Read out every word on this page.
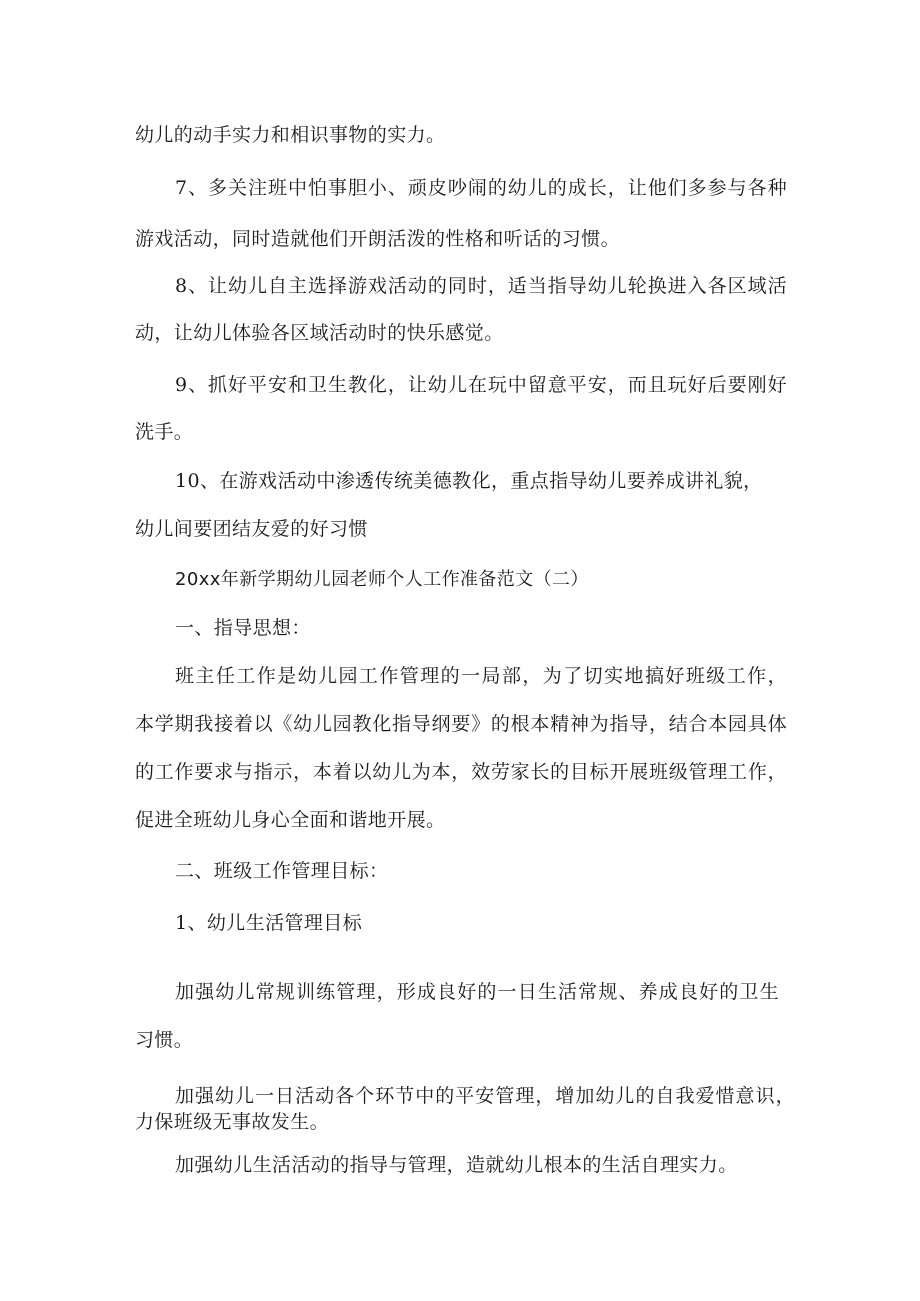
幼儿的动手实力和相识事物的实力。
7、多关注班中怕事胆小、顽皮吵闹的幼儿的成长，让他们多参与各种
游戏活动，同时造就他们开朗活泼的性格和听话的习惯。
8、让幼儿自主选择游戏活动的同时，适当指导幼儿轮换进入各区域活
动，让幼儿体验各区域活动时的快乐感觉。
9、抓好平安和卫生教化，让幼儿在玩中留意平安，而且玩好后要刚好
洗手。
10、在游戏活动中渗透传统美德教化，重点指导幼儿要养成讲礼貌，
幼儿间要团结友爱的好习惯
20xx年新学期幼儿园老师个人工作准备范文（二）
一、指导思想：
班主任工作是幼儿园工作管理的一局部，为了切实地搞好班级工作，
本学期我接着以《幼儿园教化指导纲要》的根本精神为指导，结合本园具体
的工作要求与指示，本着以幼儿为本，效劳家长的目标开展班级管理工作，
促进全班幼儿身心全面和谐地开展。
二、班级工作管理目标：
1、幼儿生活管理目标
加强幼儿常规训练管理，形成良好的一日生活常规、养成良好的卫生
习惯。
加强幼儿一日活动各个环节中的平安管理，增加幼儿的自我爱惜意识，
力保班级无事故发生。
加强幼儿生活活动的指导与管理，造就幼儿根本的生活自理实力。
